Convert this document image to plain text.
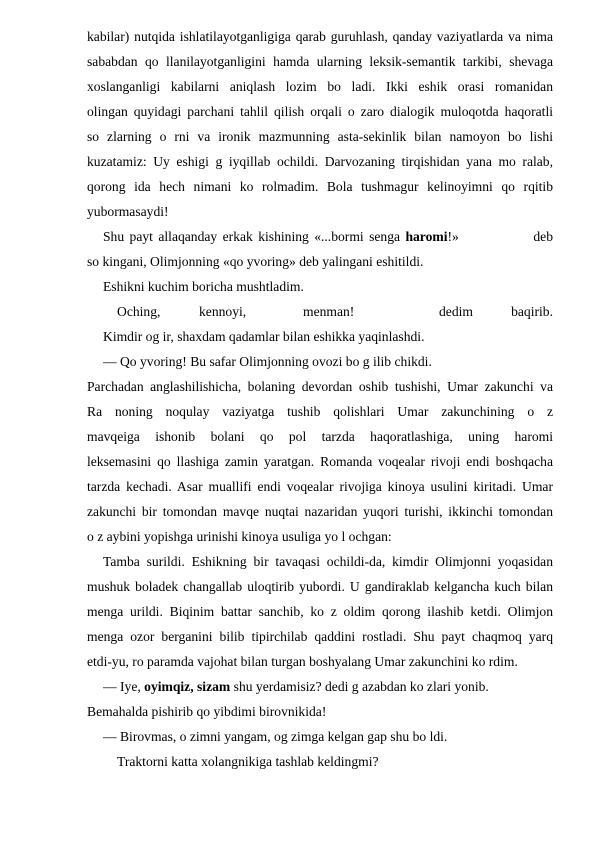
kabilar) nutqida ishlatilayotganligiga qarab guruhlash, qanday vaziyatlarda va nima
sababdan qo llanilayotganligini hamda ularning leksik-semantik tarkibi, shevaga
xoslanganligi kabilarni aniqlash lozim bo ladi. Ikki eshik orasi romanidan
olingan quyidagi parchani tahlil qilish orqali o zaro dialogik muloqotda haqoratli
so zlarning o rni va ironik mazmunning asta-sekinlik bilan namoyon bo lishi
kuzatamiz: Uy eshigi g iyqillab ochildi. Darvozaning tirqishidan yana mo ralab,
qorong ida hech nimani ko rolmadim. Bola tushmagur kelinoyimni qo rqitib
yubormasaydi!
Shu payt allaqanday erkak kishining «...bormi senga haromi!»	deb
so kingani, Olimjonning «qo yvoring» deb yalingani eshitildi.
Eshikni kuchim boricha mushtladim.
Oching,	kennoyi,	menman!	dedim	baqirib.
Kimdir og ir, shaxdam qadamlar bilan eshikka yaqinlashdi.
— Qo yvoring! Bu safar Olimjonning ovozi bo g ilib chikdi.
Parchadan anglashilishicha, bolaning devordan oshib tushishi, Umar zakunchi va
Ra noning noqulay vaziyatga tushib qolishlari Umar zakunchining o z
mavqeiga ishonib bolani qo pol tarzda haqoratlashiga, uning haromi
leksemasini qo llashiga zamin yaratgan. Romanda voqealar rivoji endi boshqacha
tarzda kechadi. Asar muallifi endi voqealar rivojiga kinoya usulini kiritadi. Umar
zakunchi bir tomondan mavqe nuqtai nazaridan yuqori turishi, ikkinchi tomondan
o z aybini yopishga urinishi kinoya usuliga yo l ochgan:
Tamba surildi. Eshikning bir tavaqasi ochildi-da, kimdir Olimjonni yoqasidan
mushuk boladek changallab uloqtirib yubordi. U gandiraklab kelgancha kuch bilan
menga urildi. Biqinim battar sanchib, ko z oldim qorong ilashib ketdi. Olimjon
menga ozor berganini bilib tipirchilab qaddini rostladi. Shu payt chaqmoq yarq
etdi-yu, ro paramda vajohat bilan turgan boshyalang Umar zakunchini ko rdim.
— Iye, oyimqiz, sizam shu yerdamisiz? dedi g azabdan ko zlari yonib.
Bemahalda pishirib qo yibdimi birovnikida!
— Birovmas, o zimni yangam, og zimga kelgan gap shu bo ldi.
Traktorni katta xolangnikiga tashlab keldingmi?
